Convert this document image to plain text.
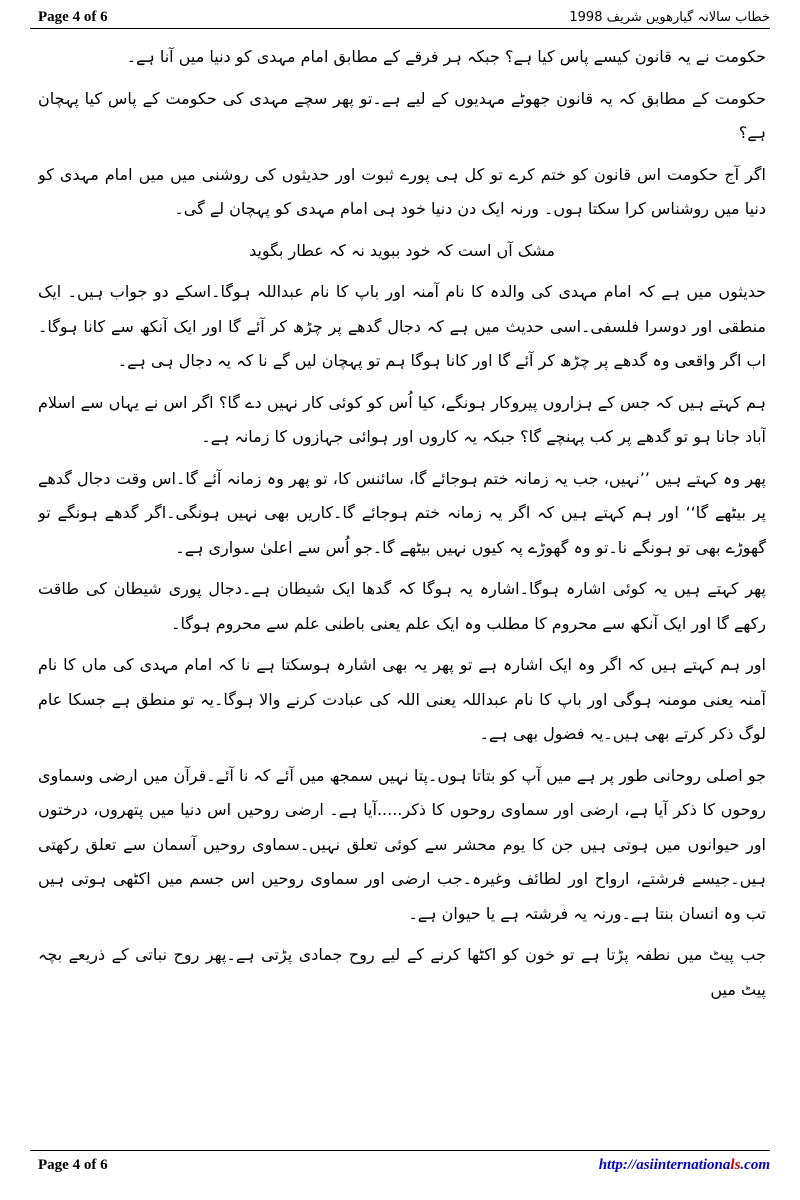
Page 4 of 6	خطاب سالانہ گیارھویں شریف 1998

حکومت نے یہ قانون کیسے پاس کیا ہے؟ جبکہ ہر فرقے کے مطابق امام مہدی کو دنیا میں آنا ہے۔

حکومت کے مطابق کہ یہ قانون جھوٹے مہدیوں کے لیے ہے۔تو پھر سچے مہدی کی حکومت کے پاس کیا پہچان ہے؟

اگر آج حکومت اس قانون کو ختم کرے تو کل ہی پورے ثبوت اور حدیثوں کی روشنی میں میں امام مہدی کو دنیا میں روشناس کرا سکتا ہوں۔ ورنہ ایک دن دنیا خود ہی امام مہدی کو پہچان لے گی۔

مشک آں است کہ خود ببوید نہ کہ عطار بگوید

حدیثوں میں ہے کہ امام مہدی کی والدہ کا نام آمنہ اور باپ کا نام عبداللہ ہوگا۔اسکے دو جواب ہیں۔ ایک منطقی اور دوسرا فلسفی۔اسی حدیث میں ہے کہ دجال گدھے پر چڑھ کر آئے گا اور ایک آنکھ سے کانا ہوگا۔اب اگر واقعی وہ گدھے پر چڑھ کر آئے گا اور کانا ہوگا ہم تو پہچان لیں گے نا کہ یہ دجال ہی ہے۔

ہم کہتے ہیں کہ جس کے ہزاروں پیروکار ہونگے، کیا اُس کو کوئی کار نہیں دے گا؟ اگر اس نے یہاں سے اسلام آباد جانا ہو تو گدھے پر کب پہنچے گا؟ جبکہ یہ کاروں اور ہوائی جہازوں کا زمانہ ہے۔

پھر وہ کہتے ہیں ’’نہیں، جب یہ زمانہ ختم ہوجائے گا، سائنس کا، تو پھر وہ زمانہ آئے گا۔اس وقت دجال گدھے پر بیٹھے گا‘‘ اور ہم کہتے ہیں کہ اگر یہ زمانہ ختم ہوجائے گا۔کاریں بھی نہیں ہونگی۔اگر گدھے ہونگے تو گھوڑے بھی تو ہونگے نا۔تو وہ گھوڑے پہ کیوں نہیں بیٹھے گا۔جو اُس سے اعلیٰ سواری ہے۔

پھر کہتے ہیں یہ کوئی اشارہ ہوگا۔اشارہ یہ ہوگا کہ گدھا ایک شیطان ہے۔دجال پوری شیطان کی طاقت رکھے گا اور ایک آنکھ سے محروم کا مطلب وہ ایک علم یعنی باطنی علم سے محروم ہوگا۔

اور ہم کہتے ہیں کہ اگر وہ ایک اشارہ ہے تو پھر یہ بھی اشارہ ہوسکتا ہے نا کہ امام مہدی کی ماں کا نام آمنہ یعنی مومنہ ہوگی اور باپ کا نام عبداللہ یعنی اللہ کی عبادت کرنے والا ہوگا۔یہ تو منطق ہے جسکا عام لوگ ذکر کرتے بھی ہیں۔یہ فضول بھی ہے۔

جو اصلی روحانی طور پر ہے میں آپ کو بتاتا ہوں۔پتا نہیں سمجھ میں آئے کہ نا آئے۔قرآن میں ارضی وسماوی روحوں کا ذکر آیا ہے، ارضی اور سماوی روحوں کا ذکر.....آیا ہے۔ ارضی روحیں اس دنیا میں پتھروں، درختوں اور حیوانوں میں ہوتی ہیں جن کا یوم محشر سے کوئی تعلق نہیں۔سماوی روحیں آسمان سے تعلق رکھتی ہیں۔جیسے فرشتے، ارواح اور لطائف وغیرہ۔جب ارضی اور سماوی روحیں اس جسم میں اکٹھی ہوتی ہیں تب وہ انسان بنتا ہے۔ورنہ یہ فرشتہ ہے یا حیوان ہے۔

جب پیٹ میں نطفہ پڑتا ہے تو خون کو اکٹھا کرنے کے لیے روح جمادی پڑتی ہے۔پھر روح نباتی کے ذریعے بچہ پیٹ میں

Page 4 of 6	http://asiinternationals.com
